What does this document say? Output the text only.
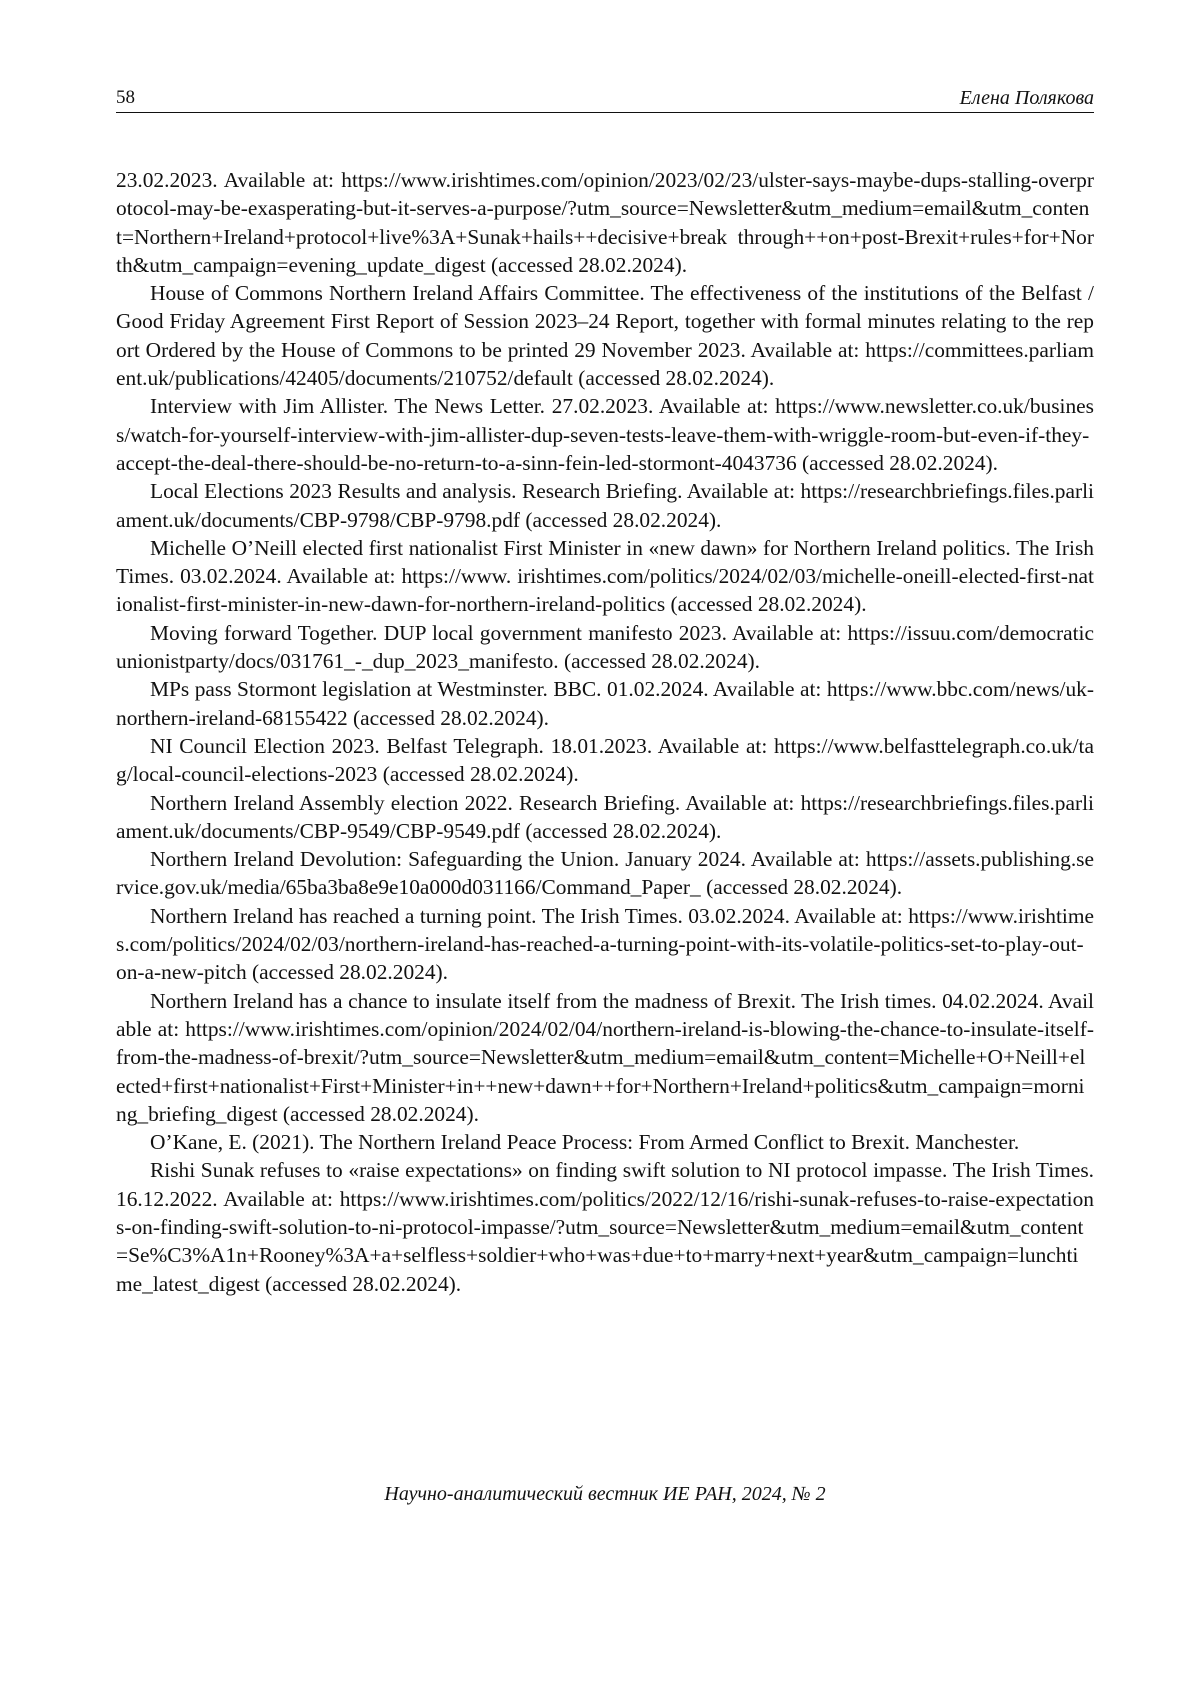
58	Елена Полякова

23.02.2023. Available at: https://www.irishtimes.com/opinion/2023/02/23/ulster-says-maybe-dups-stalling-overprotocol-may-be-exasperating-but-it-serves-a-purpose/?utm_source=Newsletter&utm_medium=email&utm_content=Northern+Ireland+protocol+live%3A+Sunak+hails++decisive+break through++on+post-Brexit+rules+for+North&utm_campaign=evening_update_digest (accessed 28.02.2024).

House of Commons Northern Ireland Affairs Committee. The effectiveness of the institutions of the Belfast / Good Friday Agreement First Report of Session 2023–24 Report, together with formal minutes relating to the report Ordered by the House of Commons to be printed 29 November 2023. Available at: https://committees.parliament.uk/publications/42405/documents/210752/default (accessed 28.02.2024).

Interview with Jim Allister. The News Letter. 27.02.2023. Available at: https://www.newsletter.co.uk/business/watch-for-yourself-interview-with-jim-allister-dup-seven-tests-leave-them-with-wriggle-room-but-even-if-they-accept-the-deal-there-should-be-no-return-to-a-sinn-fein-led-stormont-4043736 (accessed 28.02.2024).

Local Elections 2023 Results and analysis. Research Briefing. Available at: https://researchbriefings.files.parliament.uk/documents/CBP-9798/CBP-9798.pdf (accessed 28.02.2024).

Michelle O’Neill elected first nationalist First Minister in «new dawn» for Northern Ireland politics. The Irish Times. 03.02.2024. Available at: https://www. irishtimes.com/politics/2024/02/03/michelle-oneill-elected-first-nationalist-first-minister-in-new-dawn-for-northern-ireland-politics (accessed 28.02.2024).

Moving forward Together. DUP local government manifesto 2023. Available at: https://issuu.com/democraticunionistparty/docs/031761_-_dup_2023_manifesto. (accessed 28.02.2024).

MPs pass Stormont legislation at Westminster. BBC. 01.02.2024. Available at: https://www.bbc.com/news/uk-northern-ireland-68155422 (accessed 28.02.2024).

NI Council Election 2023. Belfast Telegraph. 18.01.2023. Available at: https://www.belfasttelegraph.co.uk/tag/local-council-elections-2023 (accessed 28.02.2024).

Northern Ireland Assembly election 2022. Research Briefing. Available at: https://researchbriefings.files.parliament.uk/documents/CBP-9549/CBP-9549.pdf (accessed 28.02.2024).

Northern Ireland Devolution: Safeguarding the Union. January 2024. Available at: https://assets.publishing.service.gov.uk/media/65ba3ba8e9e10a000d031166/Command_Paper_ (accessed 28.02.2024).

Northern Ireland has reached a turning point. The Irish Times. 03.02.2024. Available at: https://www.irishtimes.com/politics/2024/02/03/northern-ireland-has-reached-a-turning-point-with-its-volatile-politics-set-to-play-out-on-a-new-pitch (accessed 28.02.2024).

Northern Ireland has a chance to insulate itself from the madness of Brexit. The Irish times. 04.02.2024. Available at: https://www.irishtimes.com/opinion/2024/02/04/northern-ireland-is-blowing-the-chance-to-insulate-itself-from-the-madness-of-brexit/?utm_source=Newsletter&utm_medium=email&utm_content=Michelle+O+Neill+elected+first+nationalist+First+Minister+in++new+dawn++for+Northern+Ireland+politics&utm_campaign=morning_briefing_digest (accessed 28.02.2024).

O’Kane, E. (2021). The Northern Ireland Peace Process: From Armed Conflict to Brexit. Manchester.

Rishi Sunak refuses to «raise expectations» on finding swift solution to NI protocol impasse. The Irish Times. 16.12.2022. Available at: https://www.irishtimes.com/politics/2022/12/16/rishi-sunak-refuses-to-raise-expectations-on-finding-swift-solution-to-ni-protocol-impasse/?utm_source=Newsletter&utm_medium=email&utm_content=Se%C3%A1n+Rooney%3A+a+selfless+soldier+who+was+due+to+marry+next+year&utm_campaign=lunchtime_latest_digest (accessed 28.02.2024).

Научно-аналитический вестник ИЕ РАН, 2024, № 2
